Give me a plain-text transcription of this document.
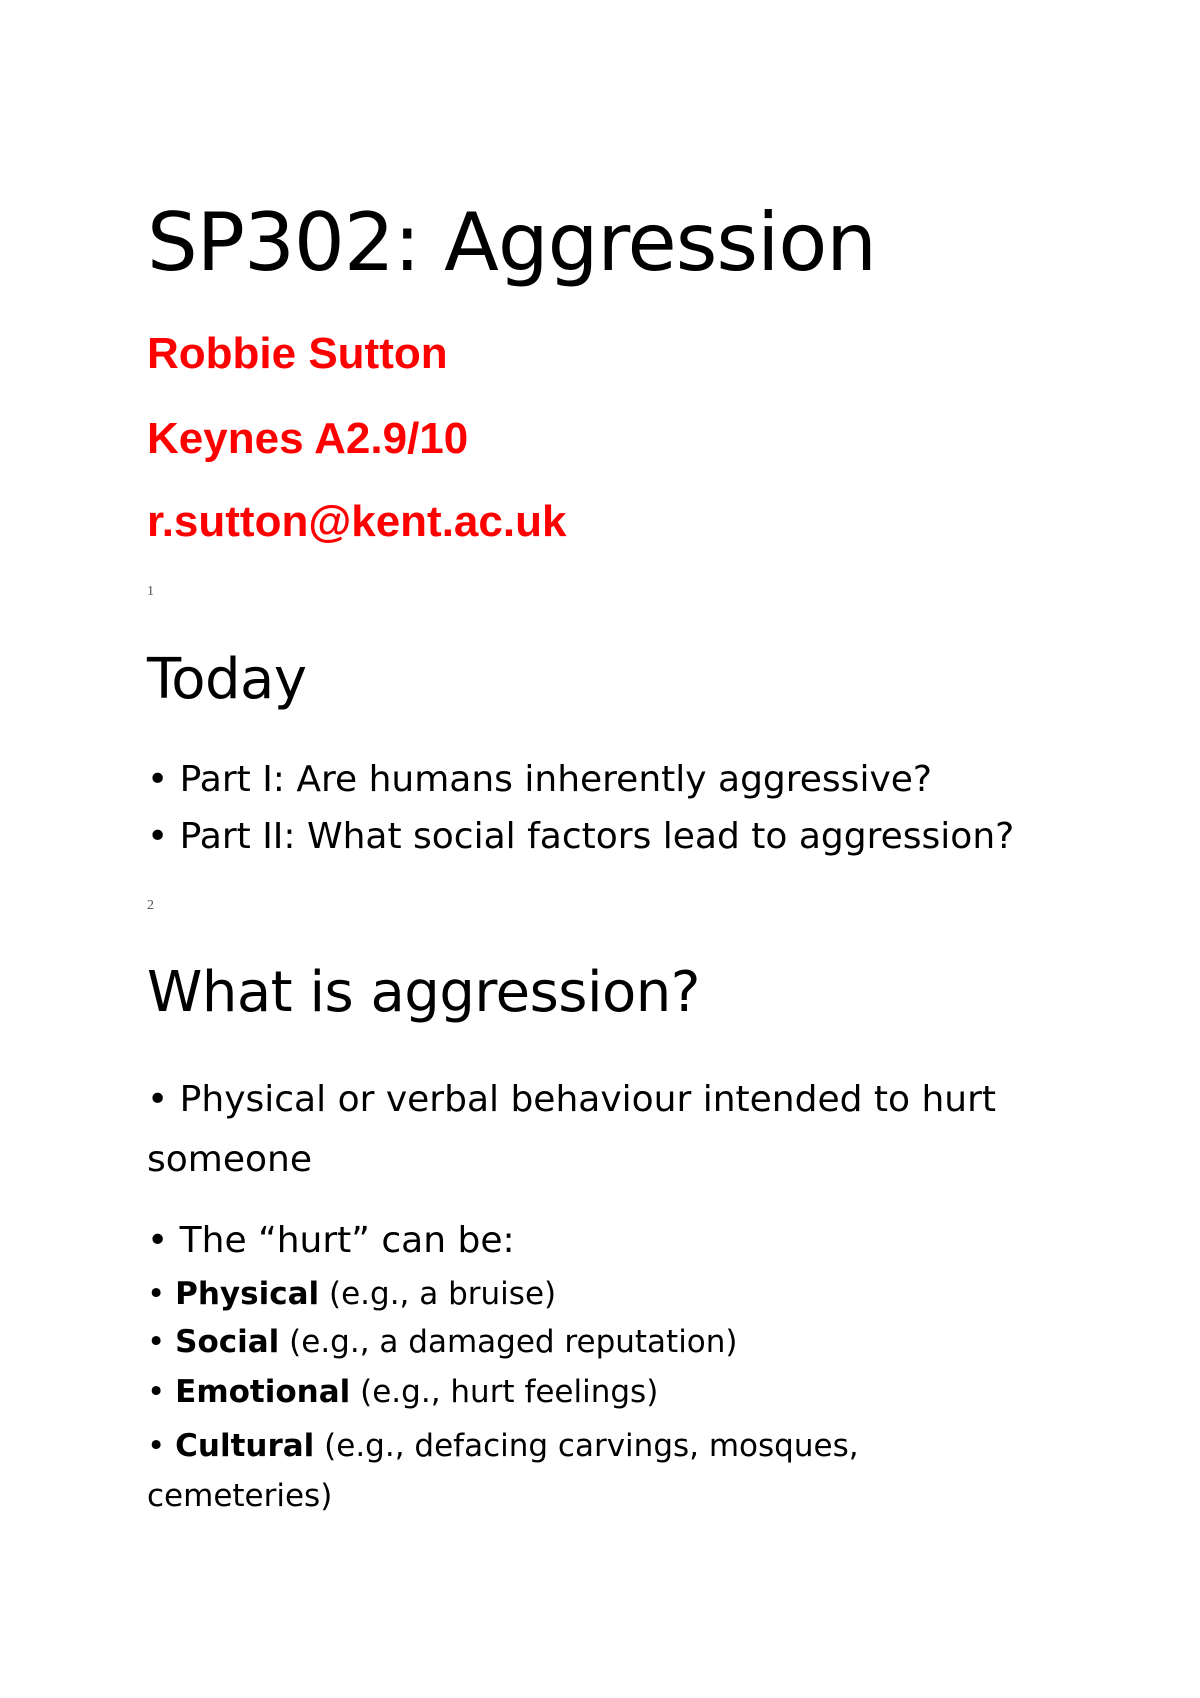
SP302: Aggression
Robbie Sutton
Keynes A2.9/10
r.sutton@kent.ac.uk
1
Today
• Part I: Are humans inherently aggressive?
• Part II: What social factors lead to aggression?
2
What is aggression?
• Physical or verbal behaviour intended to hurt someone
• The “hurt” can be:
• Physical (e.g., a bruise)
• Social (e.g., a damaged reputation)
• Emotional (e.g., hurt feelings)
• Cultural (e.g., defacing carvings, mosques, cemeteries)
